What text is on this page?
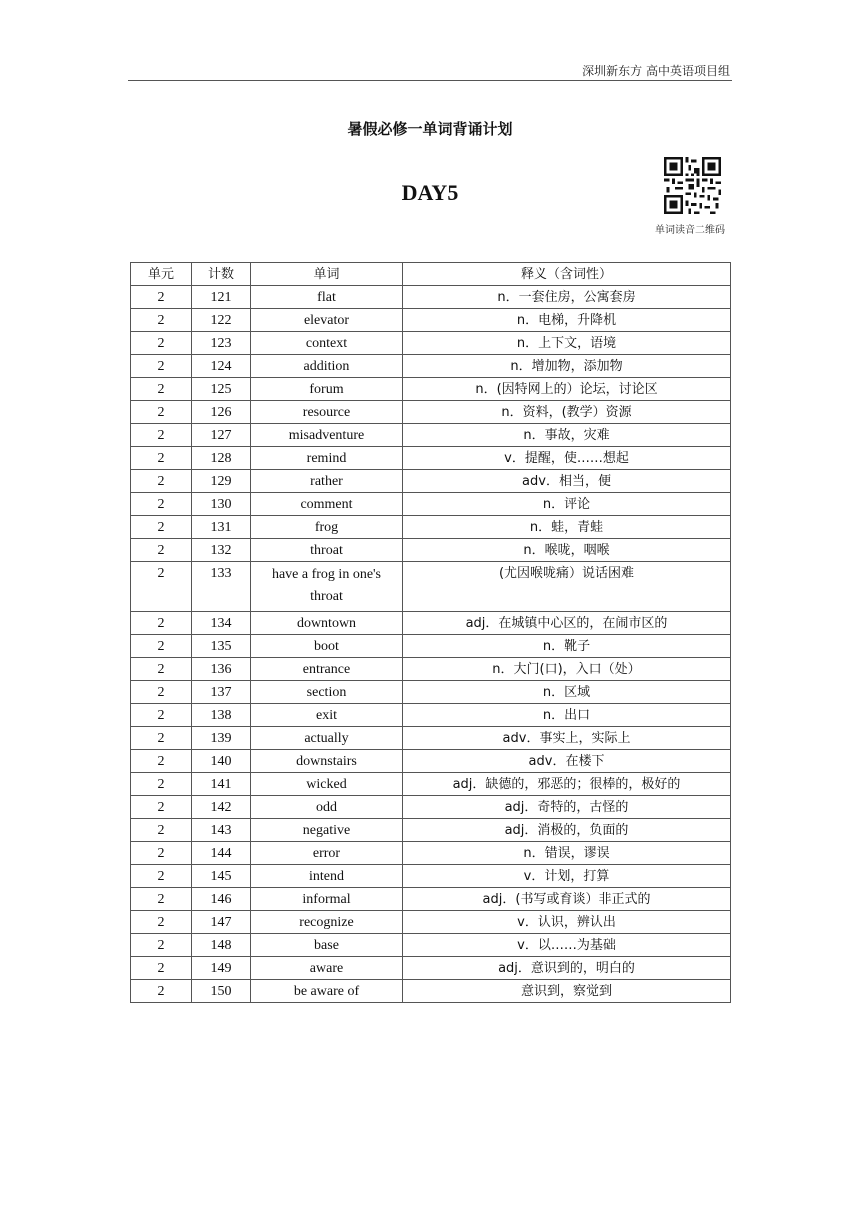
深圳新东方 高中英语项目组
暑假必修一单词背诵计划
DAY5
单词读音二维码
单元	计数	单词	释义（含词性）
2	121	flat	n．一套住房，公寓套房
2	122	elevator	n．电梯，升降机
2	123	context	n．上下文，语境
2	124	addition	n．增加物，添加物
2	125	forum	n．(因特网上的）论坛，讨论区
2	126	resource	n．资料，(教学）资源
2	127	misadventure	n．事故，灾难
2	128	remind	v．提醒，使……想起
2	129	rather	adv．相当，便
2	130	comment	n．评论
2	131	frog	n．蛙，青蛙
2	132	throat	n．喉咙，咽喉
2	133	have a frog in one's throat	(尤因喉咙痛）说话困难
2	134	downtown	adj．在城镇中心区的，在闹市区的
2	135	boot	n．靴子
2	136	entrance	n．大门(口)，入口（处）
2	137	section	n．区域
2	138	exit	n．出口
2	139	actually	adv．事实上，实际上
2	140	downstairs	adv．在楼下
2	141	wicked	adj．缺德的，邪恶的；很棒的，极好的
2	142	odd	adj．奇特的，古怪的
2	143	negative	adj．消极的，负面的
2	144	error	n．错误，谬误
2	145	intend	v．计划，打算
2	146	informal	adj．(书写或育谈）非正式的
2	147	recognize	v．认识，辨认出
2	148	base	v．以……为基础
2	149	aware	adj．意识到的，明白的
2	150	be aware of	意识到，察觉到
